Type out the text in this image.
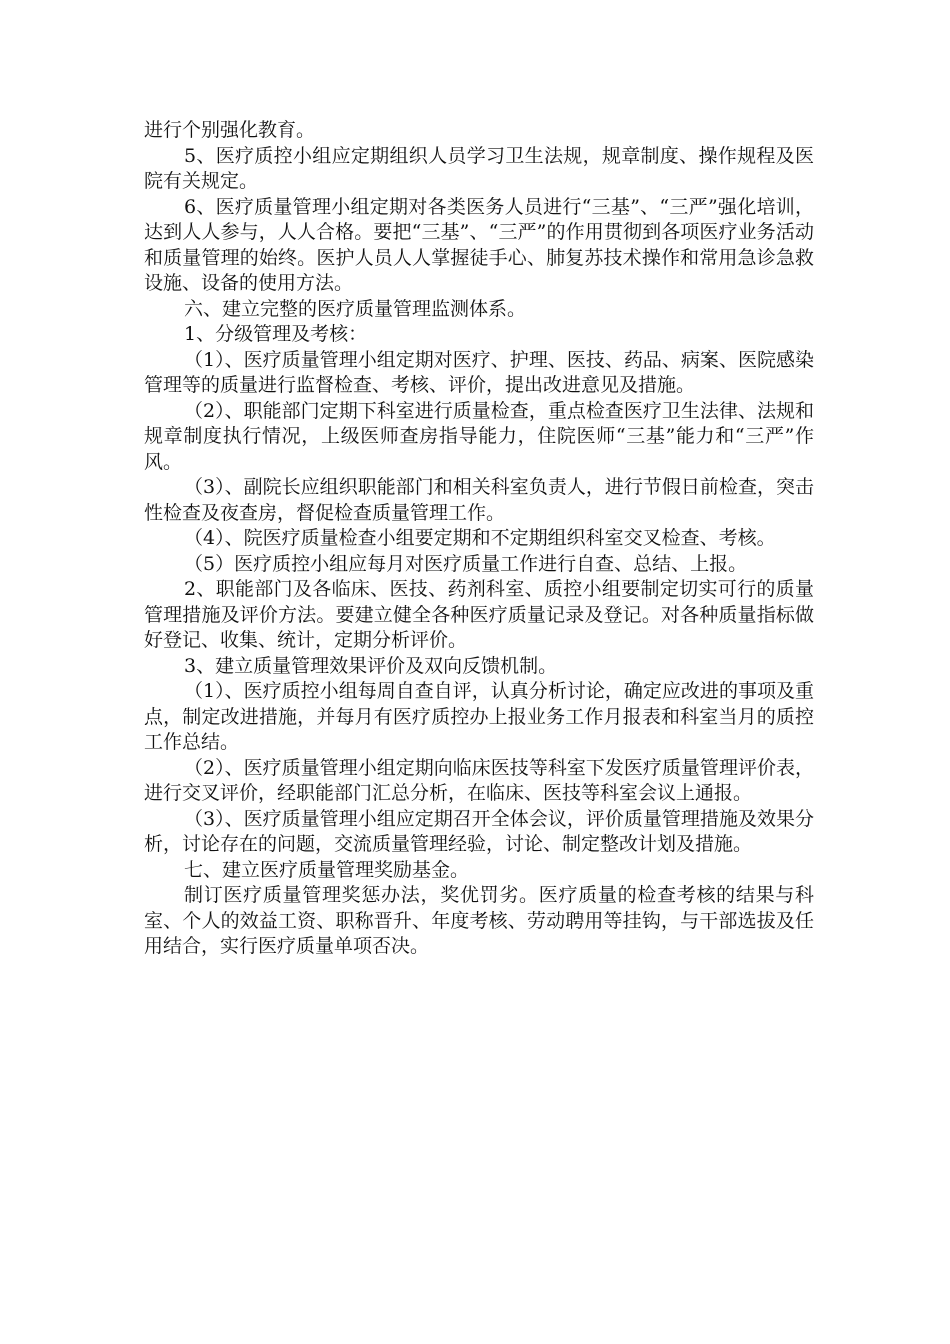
进行个别强化教育。

5、医疗质控小组应定期组织人员学习卫生法规，规章制度、操作规程及医院有关规定。

6、医疗质量管理小组定期对各类医务人员进行“三基”、“三严”强化培训，达到人人参与，人人合格。要把“三基”、“三严”的作用贯彻到各项医疗业务活动和质量管理的始终。医护人员人人掌握徒手心、肺复苏技术操作和常用急诊急救设施、设备的使用方法。

六、建立完整的医疗质量管理监测体系。

1、分级管理及考核：

（1）、医疗质量管理小组定期对医疗、护理、医技、药品、病案、医院感染管理等的质量进行监督检查、考核、评价，提出改进意见及措施。

（2）、职能部门定期下科室进行质量检查，重点检查医疗卫生法律、法规和规章制度执行情况，上级医师查房指导能力，住院医师“三基”能力和“三严”作风。

（3）、副院长应组织职能部门和相关科室负责人，进行节假日前检查，突击性检查及夜查房，督促检查质量管理工作。

（4）、院医疗质量检查小组要定期和不定期组织科室交叉检查、考核。

（5）医疗质控小组应每月对医疗质量工作进行自查、总结、上报。

2、职能部门及各临床、医技、药剂科室、质控小组要制定切实可行的质量管理措施及评价方法。要建立健全各种医疗质量记录及登记。对各种质量指标做好登记、收集、统计，定期分析评价。

3、建立质量管理效果评价及双向反馈机制。

（1）、医疗质控小组每周自查自评，认真分析讨论，确定应改进的事项及重点，制定改进措施，并每月有医疗质控办上报业务工作月报表和科室当月的质控工作总结。

（2）、医疗质量管理小组定期向临床医技等科室下发医疗质量管理评价表，进行交叉评价，经职能部门汇总分析，在临床、医技等科室会议上通报。

（3）、医疗质量管理小组应定期召开全体会议，评价质量管理措施及效果分析，讨论存在的问题，交流质量管理经验，讨论、制定整改计划及措施。

七、建立医疗质量管理奖励基金。

制订医疗质量管理奖惩办法，奖优罚劣。医疗质量的检查考核的结果与科室、个人的效益工资、职称晋升、年度考核、劳动聘用等挂钩，与干部选拔及任用结合，实行医疗质量单项否决。
